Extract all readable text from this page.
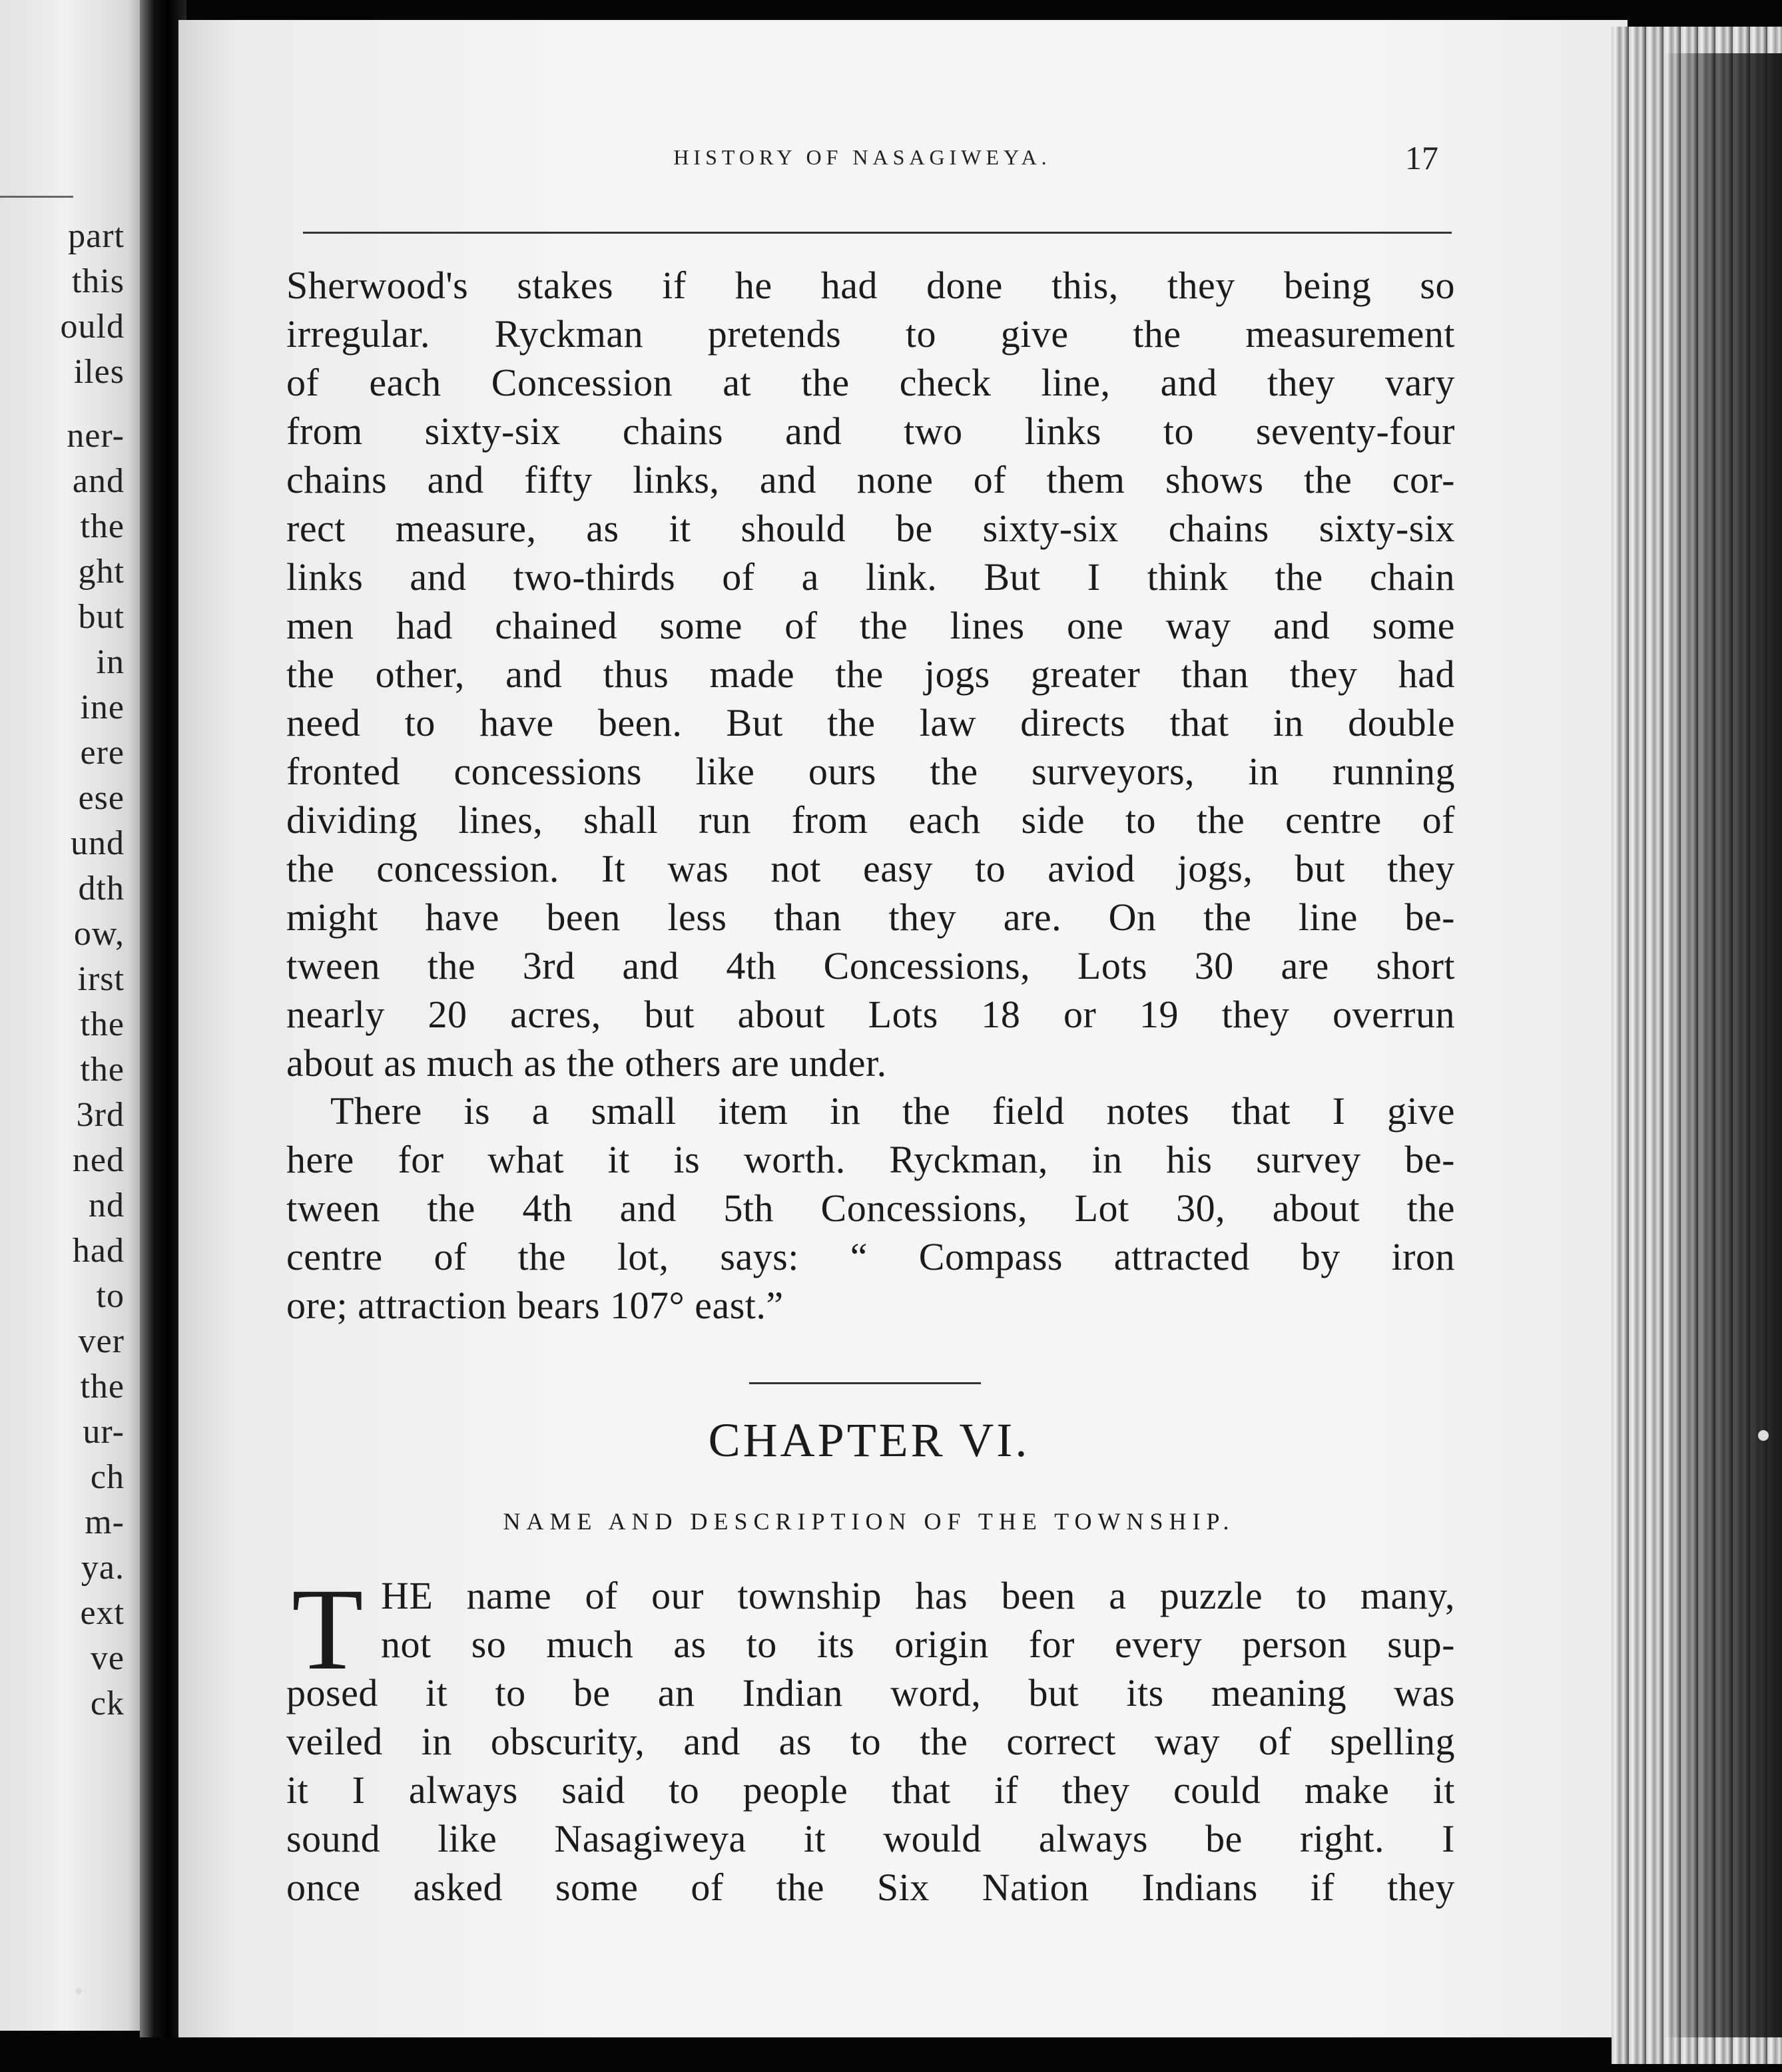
part
this
ould
iles
ner-
and
the
ght
but
in
ine
ere
ese
und
dth
ow,
irst
the
the
3rd
ned
nd
had
to
ver
the
ur-
ch
m-
ya.
ext
ve
ck
HISTORY OF NASAGIWEYA.	17
Sherwood's stakes if he had done this, they being so
irregular. Ryckman pretends to give the measurement
of each Concession at the check line, and they vary
from sixty-six chains and two links to seventy-four
chains and fifty links, and none of them shows the cor-
rect measure, as it should be sixty-six chains sixty-six
links and two-thirds of a link. But I think the chain
men had chained some of the lines one way and some
the other, and thus made the jogs greater than they had
need to have been. But the law directs that in double
fronted concessions like ours the surveyors, in running
dividing lines, shall run from each side to the centre of
the concession. It was not easy to aviod jogs, but they
might have been less than they are. On the line be-
tween the 3rd and 4th Concessions, Lots 30 are short
nearly 20 acres, but about Lots 18 or 19 they overrun
about as much as the others are under.
There is a small item in the field notes that I give
here for what it is worth. Ryckman, in his survey be-
tween the 4th and 5th Concessions, Lot 30, about the
centre of the lot, says: “ Compass attracted by iron
ore; attraction bears 107° east.”
CHAPTER VI.
NAME AND DESCRIPTION OF THE TOWNSHIP.
T HE name of our township has been a puzzle to many,
not so much as to its origin for every person sup-
posed it to be an Indian word, but its meaning was
veiled in obscurity, and as to the correct way of spelling
it I always said to people that if they could make it
sound like Nasagiweya it would always be right. I
once asked some of the Six Nation Indians if they
